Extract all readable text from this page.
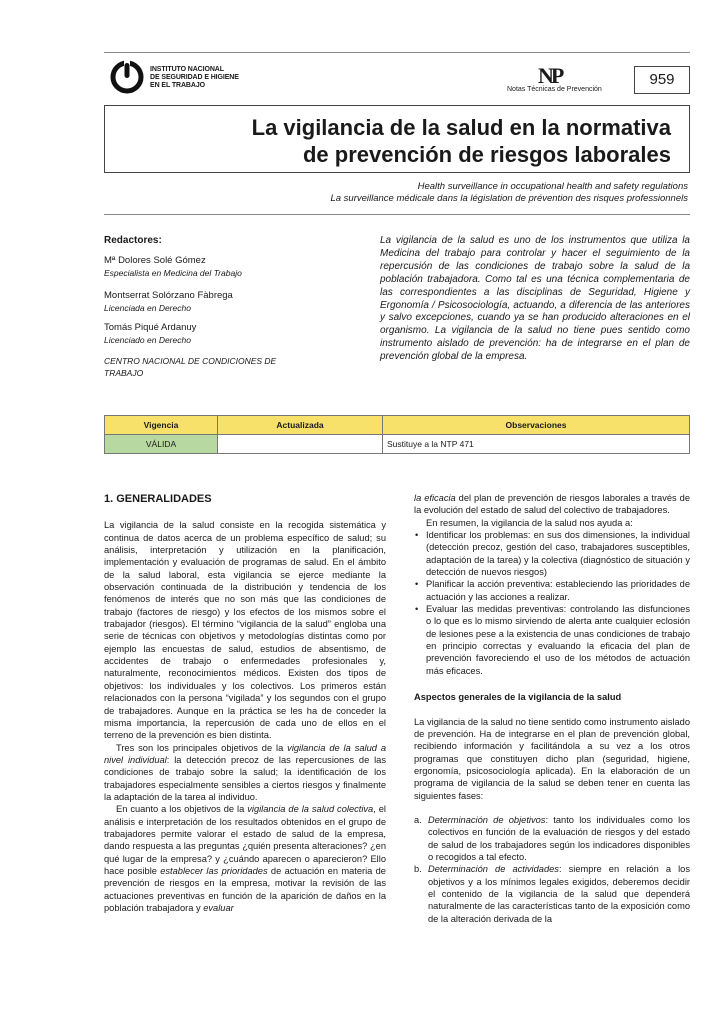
INSTITUTO NACIONAL
DE SEGURIDAD E HIGIENE
EN EL TRABAJO	NP
Notas Técnicas de Prevención
959
La vigilancia de la salud en la normativa
de prevención de riesgos laborales
Health surveillance in occupational health and safety regulations
La surveillance médicale dans la législation de prévention des risques professionnels
Redactores:
Mª Dolores Solé Gómez
Especialista en Medicina del Trabajo
Montserrat Solórzano Fàbrega
Licenciada en Derecho
Tomás Piqué Ardanuy
Licenciado en Derecho
CENTRO NACIONAL DE CONDICIONES DE TRABAJO
La vigilancia de la salud es uno de los instrumentos que utiliza la Medicina del trabajo para controlar y hacer el seguimiento de la repercusión de las condiciones de trabajo sobre la salud de la población trabajadora. Como tal es una técnica complementaria de las correspondientes a las disciplinas de Seguridad, Higiene y Ergonomía / Psicosociología, actuando, a diferencia de las anteriores y salvo excepciones, cuando ya se han producido alteraciones en el organismo. La vigilancia de la salud no tiene pues sentido como instrumento aislado de prevención: ha de integrarse en el plan de prevención global de la empresa.
Vigencia	Actualizada	Observaciones
VÁLIDA		Sustituye a la NTP 471

1. GENERALIDADES

La vigilancia de la salud consiste en la recogida sistemática y continua de datos acerca de un problema específico de salud; su análisis, interpretación y utilización en la planificación, implementación y evaluación de programas de salud. En el ámbito de la salud laboral, esta vigilancia se ejerce mediante la observación continuada de la distribución y tendencia de los fenómenos de interés que no son más que las condiciones de trabajo (factores de riesgo) y los efectos de los mismos sobre el trabajador (riesgos). El término “vigilancia de la salud” engloba una serie de técnicas con objetivos y metodologías distintas como por ejemplo las encuestas de salud, estudios de absentismo, de accidentes de trabajo o enfermedades profesionales y, naturalmente, reconocimientos médicos. Existen dos tipos de objetivos: los individuales y los colectivos. Los primeros están relacionados con la persona “vigilada” y los segundos con el grupo de trabajadores. Aunque en la práctica se les ha de conceder la misma importancia, la repercusión de cada uno de ellos en el terreno de la prevención es bien distinta.

Tres son los principales objetivos de la vigilancia de la salud a nivel individual: la detección precoz de las repercusiones de las condiciones de trabajo sobre la salud; la identificación de los trabajadores especialmente sensibles a ciertos riesgos y finalmente la adaptación de la tarea al individuo.

En cuanto a los objetivos de la vigilancia de la salud colectiva, el análisis e interpretación de los resultados obtenidos en el grupo de trabajadores permite valorar el estado de salud de la empresa, dando respuesta a las preguntas ¿quién presenta alteraciones? ¿en qué lugar de la empresa? y ¿cuándo aparecen o aparecieron? Ello hace posible establecer las prioridades de actuación en materia de prevención de riesgos en la empresa, motivar la revisión de las actuaciones preventivas en función de la aparición de daños en la población trabajadora y evaluar

la eficacia del plan de prevención de riesgos laborales a través de la evolución del estado de salud del colectivo de trabajadores.

En resumen, la vigilancia de la salud nos ayuda a:

• Identificar los problemas: en sus dos dimensiones, la individual (detección precoz, gestión del caso, trabajadores susceptibles, adaptación de la tarea) y la colectiva (diagnóstico de situación y detección de nuevos riesgos)
• Planificar la acción preventiva: estableciendo las prioridades de actuación y las acciones a realizar.
• Evaluar las medidas preventivas: controlando las disfunciones o lo que es lo mismo sirviendo de alerta ante cualquier eclosión de lesiones pese a la existencia de unas condiciones de trabajo en principio correctas y evaluando la eficacia del plan de prevención favoreciendo el uso de los métodos de actuación más eficaces.

Aspectos generales de la vigilancia de la salud

La vigilancia de la salud no tiene sentido como instrumento aislado de prevención. Ha de integrarse en el plan de prevención global, recibiendo información y facilitándola a su vez a los otros programas que constituyen dicho plan (seguridad, higiene, ergonomía, psicosociología aplicada). En la elaboración de un programa de vigilancia de la salud se deben tener en cuenta las siguientes fases:

a. Determinación de objetivos: tanto los individuales como los colectivos en función de la evaluación de riesgos y del estado de salud de los trabajadores según los indicadores disponibles o recogidos a tal efecto.
b. Determinación de actividades: siempre en relación a los objetivos y a los mínimos legales exigidos, deberemos decidir el contenido de la vigilancia de la salud que dependerá naturalmente de las características tanto de la exposición como de la alteración derivada de la
